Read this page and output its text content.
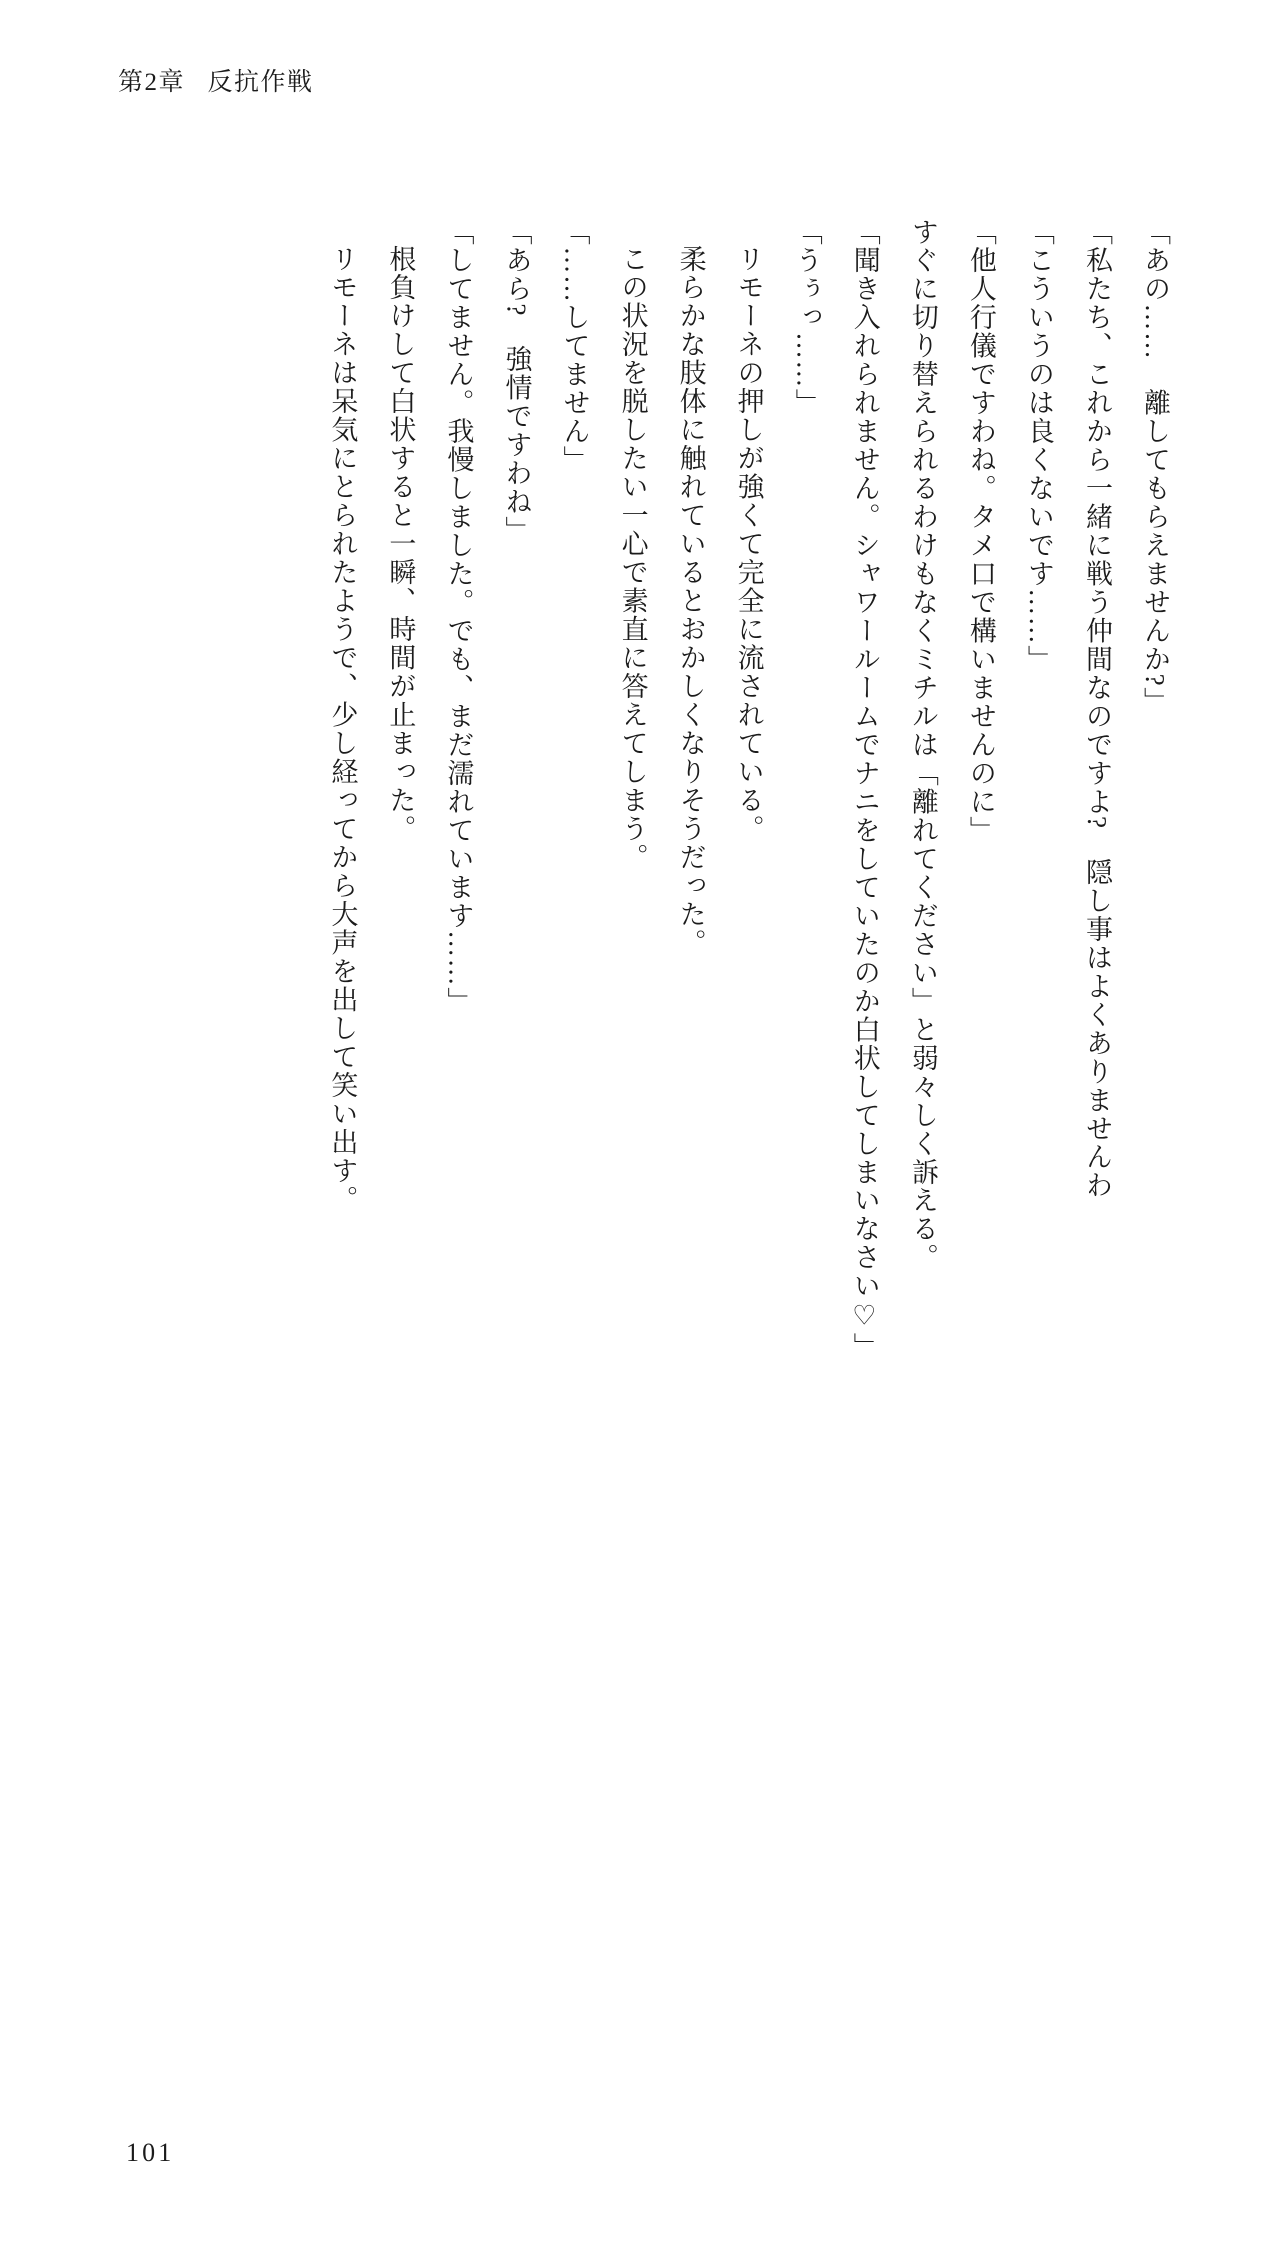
第2章 反抗作戦

「あの……　離してもらえませんか?」

「私たち、これから一緒に戦う仲間なのですよ?　隠し事はよくありませんわ

「こういうのは良くないです……」

「他人行儀ですわね。タメ口で構いませんのに」

すぐに切り替えられるわけもなくミチルは「離れてください」と弱々しく訴える。

「聞き入れられません。シャワールームでナニをしていたのか白状してしまいなさい♡」

「うぅっ……」

リモーネの押しが強くて完全に流されている。

柔らかな肢体に触れているとおかしくなりそうだった。

この状況を脱したい一心で素直に答えてしまう。

「……してません」

「あら?　強情ですわね」

「してません。我慢しました。でも、まだ濡れています……」

根負けして白状すると一瞬、時間が止まった。

リモーネは呆気にとられたようで、少し経ってから大声を出して笑い出す。

101
